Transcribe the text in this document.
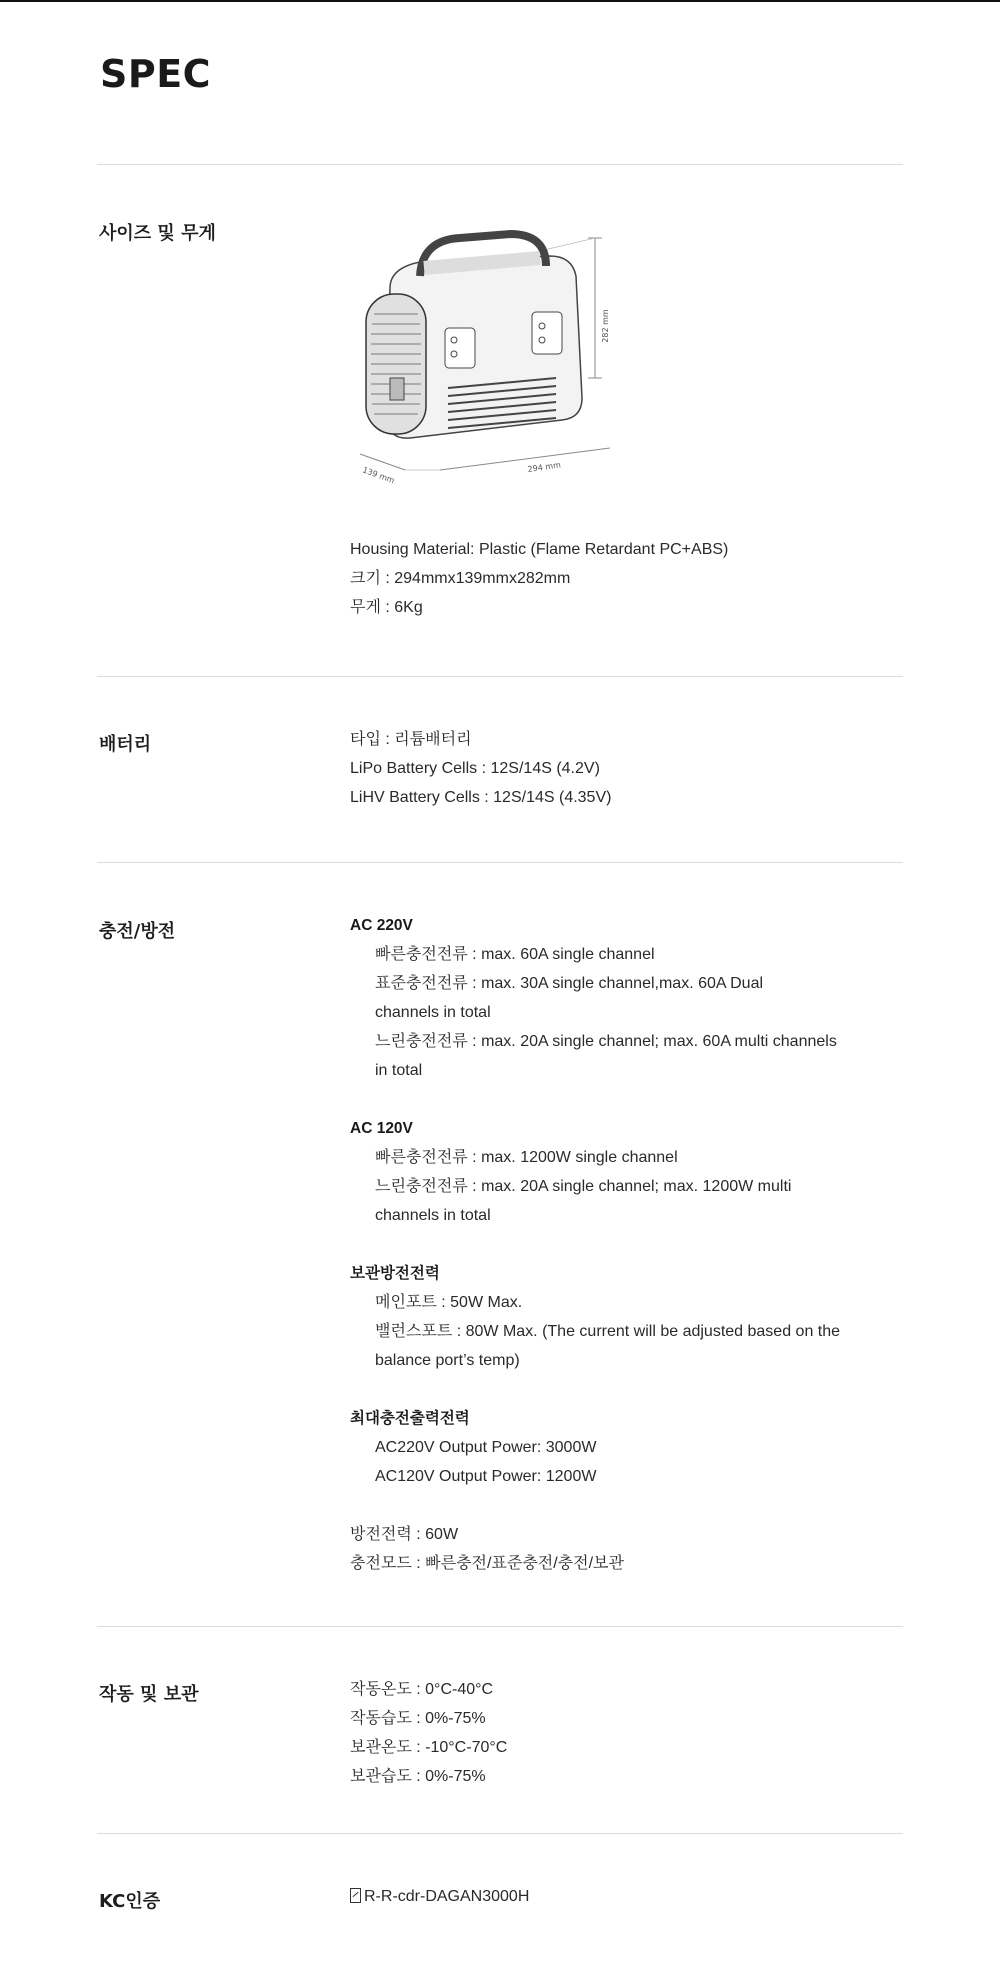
SPEC
사이즈 및 무게
282 mm
139 mm	294 mm
Housing Material: Plastic (Flame Retardant PC+ABS)
크기 : 294mmx139mmx282mm
무게 : 6Kg
배터리	타입 : 리튬배터리
LiPo Battery Cells : 12S/14S (4.2V)
LiHV Battery Cells : 12S/14S (4.35V)
충전/방전	AC 220V
빠른충전전류 : max. 60A single channel
표준충전전류 : max. 30A single channel,max. 60A Dual
channels in total
느린충전전류 : max. 20A single channel; max. 60A multi channels
in total
AC 120V
빠른충전전류 : max. 1200W single channel
느린충전전류 : max. 20A single channel; max. 1200W multi
channels in total
보관방전전력
메인포트 : 50W Max.
밸런스포트 : 80W Max. (The current will be adjusted based on the
balance port’s temp)
최대충전출력전력
AC220V Output Power: 3000W
AC120V Output Power: 1200W
방전전력 : 60W
충전모드 : 빠른충전/표준충전/충전/보관
작동 및 보관	작동온도 : 0°C-40°C
작동습도 : 0%-75%
보관온도 : -10°C-70°C
보관습도 : 0%-75%
KC인증	R-R-cdr-DAGAN3000H
